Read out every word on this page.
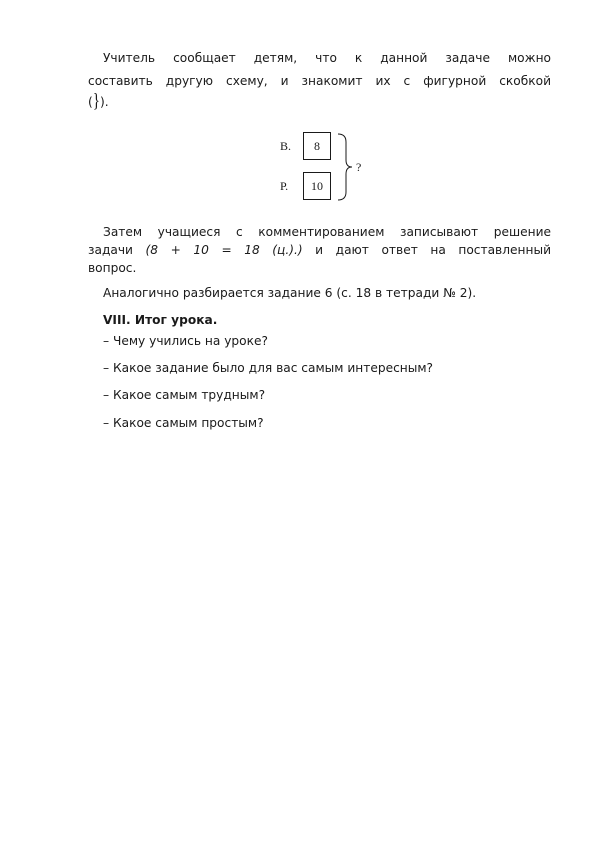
Учитель сообщает детям, что к данной задаче можно

составить другую схему, и знакомит их с фигурной скобкой

(}).
В. 8
Р. 10
?

Затем учащиеся с комментированием записывают решение

задачи (8 + 10 = 18 (ц.).) и дают ответ на поставленный

вопрос.

Аналогично разбирается задание 6 (с. 18 в тетради № 2).
VIII. Итог урока.
– Чему учились на уроке?
– Какое задание было для вас самым интересным?
– Какое самым трудным?
– Какое самым простым?
